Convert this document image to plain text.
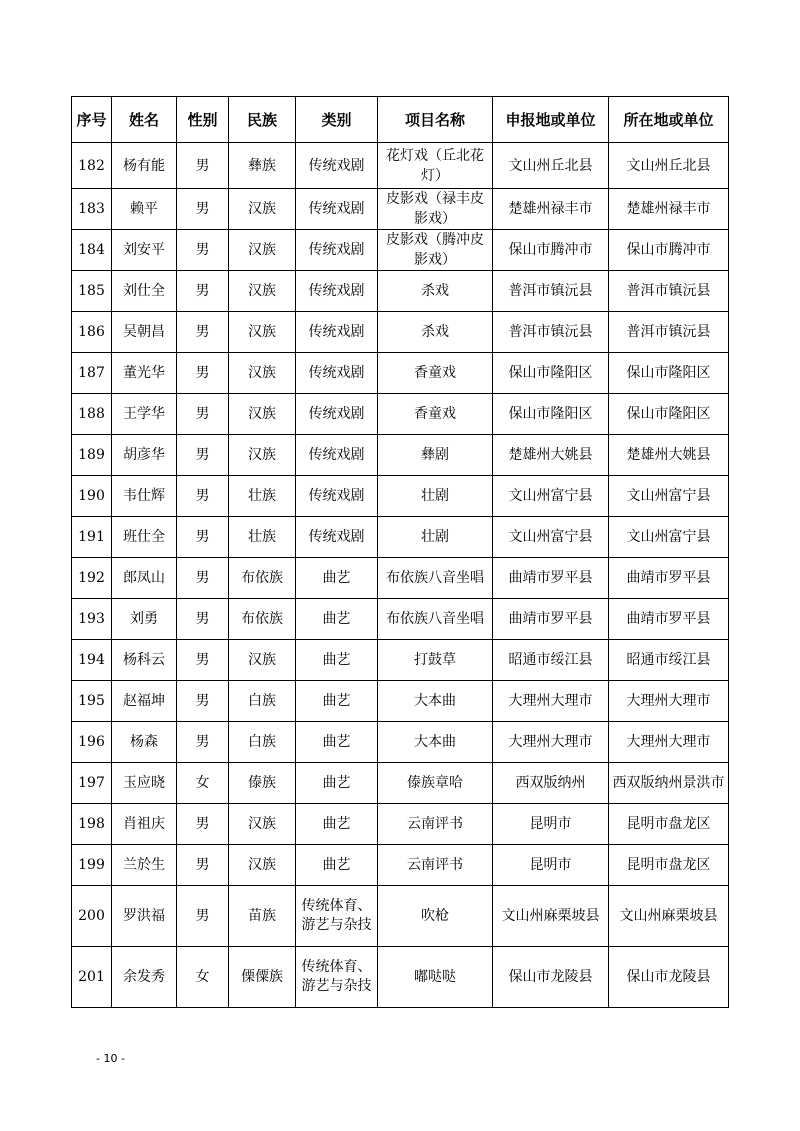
序号	姓名	性别	民族	类别	项目名称	申报地或单位	所在地或单位
182	杨有能	男	彝族	传统戏剧	花灯戏（丘北花灯）	文山州丘北县	文山州丘北县
183	赖平	男	汉族	传统戏剧	皮影戏（禄丰皮影戏）	楚雄州禄丰市	楚雄州禄丰市
184	刘安平	男	汉族	传统戏剧	皮影戏（腾冲皮影戏）	保山市腾冲市	保山市腾冲市
185	刘仕全	男	汉族	传统戏剧	杀戏	普洱市镇沅县	普洱市镇沅县
186	吴朝昌	男	汉族	传统戏剧	杀戏	普洱市镇沅县	普洱市镇沅县
187	董光华	男	汉族	传统戏剧	香童戏	保山市隆阳区	保山市隆阳区
188	王学华	男	汉族	传统戏剧	香童戏	保山市隆阳区	保山市隆阳区
189	胡彦华	男	汉族	传统戏剧	彝剧	楚雄州大姚县	楚雄州大姚县
190	韦仕辉	男	壮族	传统戏剧	壮剧	文山州富宁县	文山州富宁县
191	班仕全	男	壮族	传统戏剧	壮剧	文山州富宁县	文山州富宁县
192	郎凤山	男	布依族	曲艺	布依族八音坐唱	曲靖市罗平县	曲靖市罗平县
193	刘勇	男	布依族	曲艺	布依族八音坐唱	曲靖市罗平县	曲靖市罗平县
194	杨科云	男	汉族	曲艺	打鼓草	昭通市绥江县	昭通市绥江县
195	赵福坤	男	白族	曲艺	大本曲	大理州大理市	大理州大理市
196	杨森	男	白族	曲艺	大本曲	大理州大理市	大理州大理市
197	玉应晓	女	傣族	曲艺	傣族章哈	西双版纳州	西双版纳州景洪市
198	肖祖庆	男	汉族	曲艺	云南评书	昆明市	昆明市盘龙区
199	兰於生	男	汉族	曲艺	云南评书	昆明市	昆明市盘龙区
200	罗洪福	男	苗族	传统体育、游艺与杂技	吹枪	文山州麻栗坡县	文山州麻栗坡县
201	余发秀	女	傈僳族	传统体育、游艺与杂技	嘟哒哒	保山市龙陵县	保山市龙陵县
- 10 -
